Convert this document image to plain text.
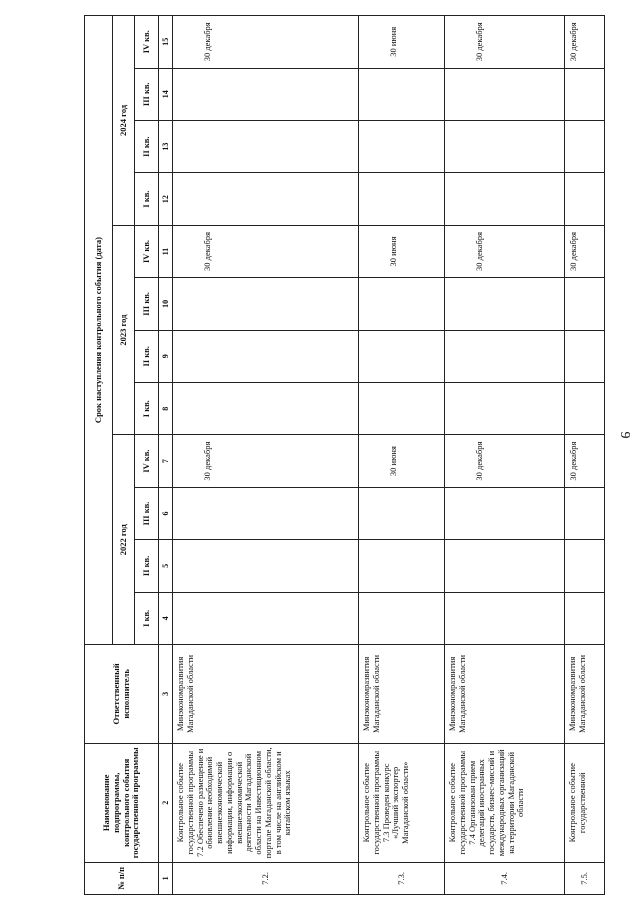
9
№ п/п	Наименование подпрограммы, контрольного события государственной программы	Ответственный исполнитель	Срок наступления контрольного события (дата)											
			2022 год				2023 год				2024 год			
			I кв.	II кв.	III кв.	IV кв.	I кв.	II кв.	III кв.	IV кв.	I кв.	II кв.	III кв.	IV кв.
1	2	3	4	5	6	7	8	9	10	11	12	13	14	15
7.2.	Контрольное событие государственной программы 7.2 Обеспечено размещение и обновление необходимой внешнеэкономической информации, информации о внешнеэкономической деятельности Магаданской области на Инвестиционном портале Магаданской области, в том числе на английском и китайском языках	Минэкономразвития Магаданской области				30 декабря				30 декабря				30 декабря
7.3.	Контрольное событие государственной программы 7.3 Проведен конкурс «Лучший экспортер Магаданской области»	Минэкономразвития Магаданской области				30 июня				30 июня				30 июня
7.4.	Контрольное событие государственной программы 7.4 Организован прием делегаций иностранных государств, бизнес-миссий и международных организаций на территории Магаданской области	Минэкономразвития Магаданской области				30 декабря				30 декабря				30 декабря
7.5.	Контрольное событие государственной	Минэкономразвития Магаданской области				30 декабря				30 декабря				30 декабря
